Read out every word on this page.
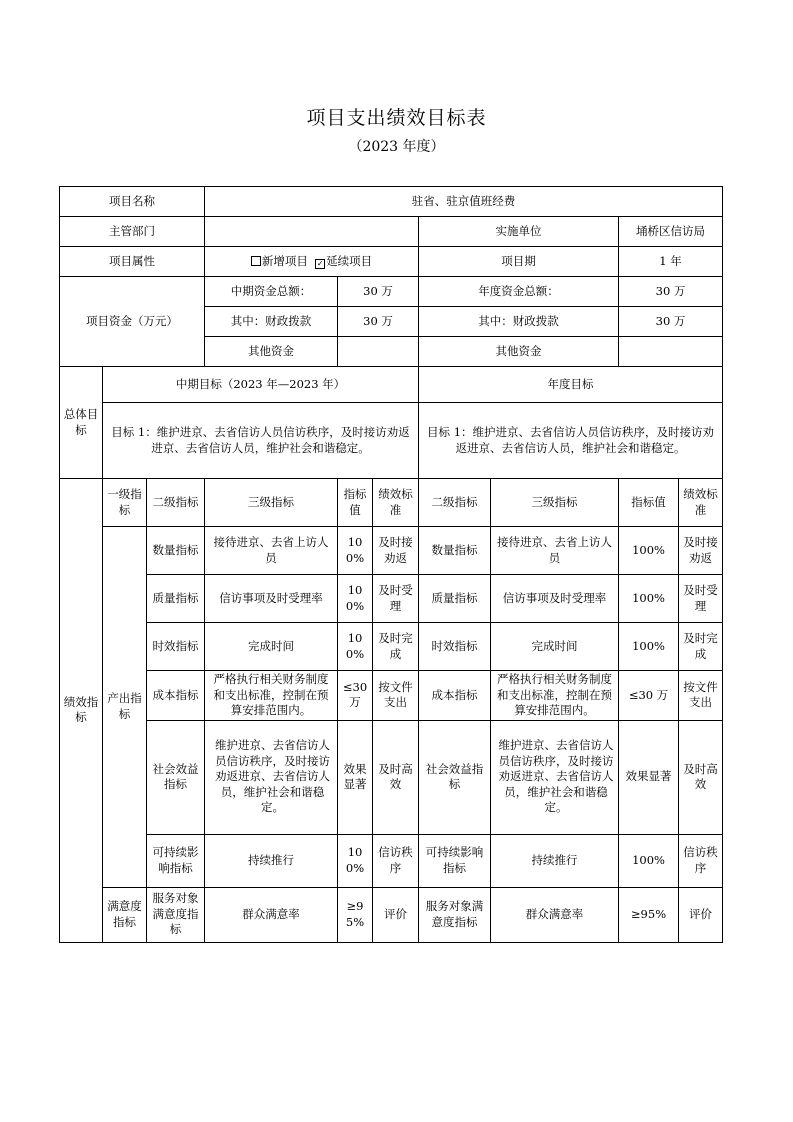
项目支出绩效目标表
（2023 年度）
项目名称			驻省、驻京值班经费						
主管部门						实施单位		埇桥区信访局	
项目属性			新增项目 ✓ 延续项目			项目期		1 年	
项目资金（万元）			中期资金总额：	30 万		年度资金总额：		30 万	
			其中：财政拨款	30 万		其中：财政拨款		30 万	
			其他资金			其他资金			
总体目标	中期目标（2023 年—2023 年）					年度目标			
	目标 1：维护进京、去省信访人员信访秩序，及时接访劝返进京、去省信访人员，维护社会和谐稳定。					目标 1：维护进京、去省信访人员信访秩序，及时接访劝返进京、去省信访人员，维护社会和谐稳定。			
绩效指标	一级指标	二级指标	三级指标	指标值	绩效标准	二级指标	三级指标	指标值	绩效标准
	产出指标	数量指标	接待进京、去省上访人员	100%	及时接劝返	数量指标	接待进京、去省上访人员	100%	及时接劝返
		质量指标	信访事项及时受理率	100%	及时受理	质量指标	信访事项及时受理率	100%	及时受理
		时效指标	完成时间	100%	及时完成	时效指标	完成时间	100%	及时完成
		成本指标	严格执行相关财务制度和支出标准，控制在预算安排范围内。	≤30万	按文件支出	成本指标	严格执行相关财务制度和支出标准，控制在预算安排范围内。	≤30 万	按文件支出
		社会效益指标	维护进京、去省信访人员信访秩序，及时接访劝返进京、去省信访人员，维护社会和谐稳定。	效果显著	及时高效	社会效益指标	维护进京、去省信访人员信访秩序，及时接访劝返进京、去省信访人员，维护社会和谐稳定。	效果显著	及时高效
		可持续影响指标	持续推行	100%	信访秩序	可持续影响指标	持续推行	100%	信访秩序
	满意度指标	服务对象满意度指标	群众满意率	≥95%	评价	服务对象满意度指标	群众满意率	≥95%	评价
